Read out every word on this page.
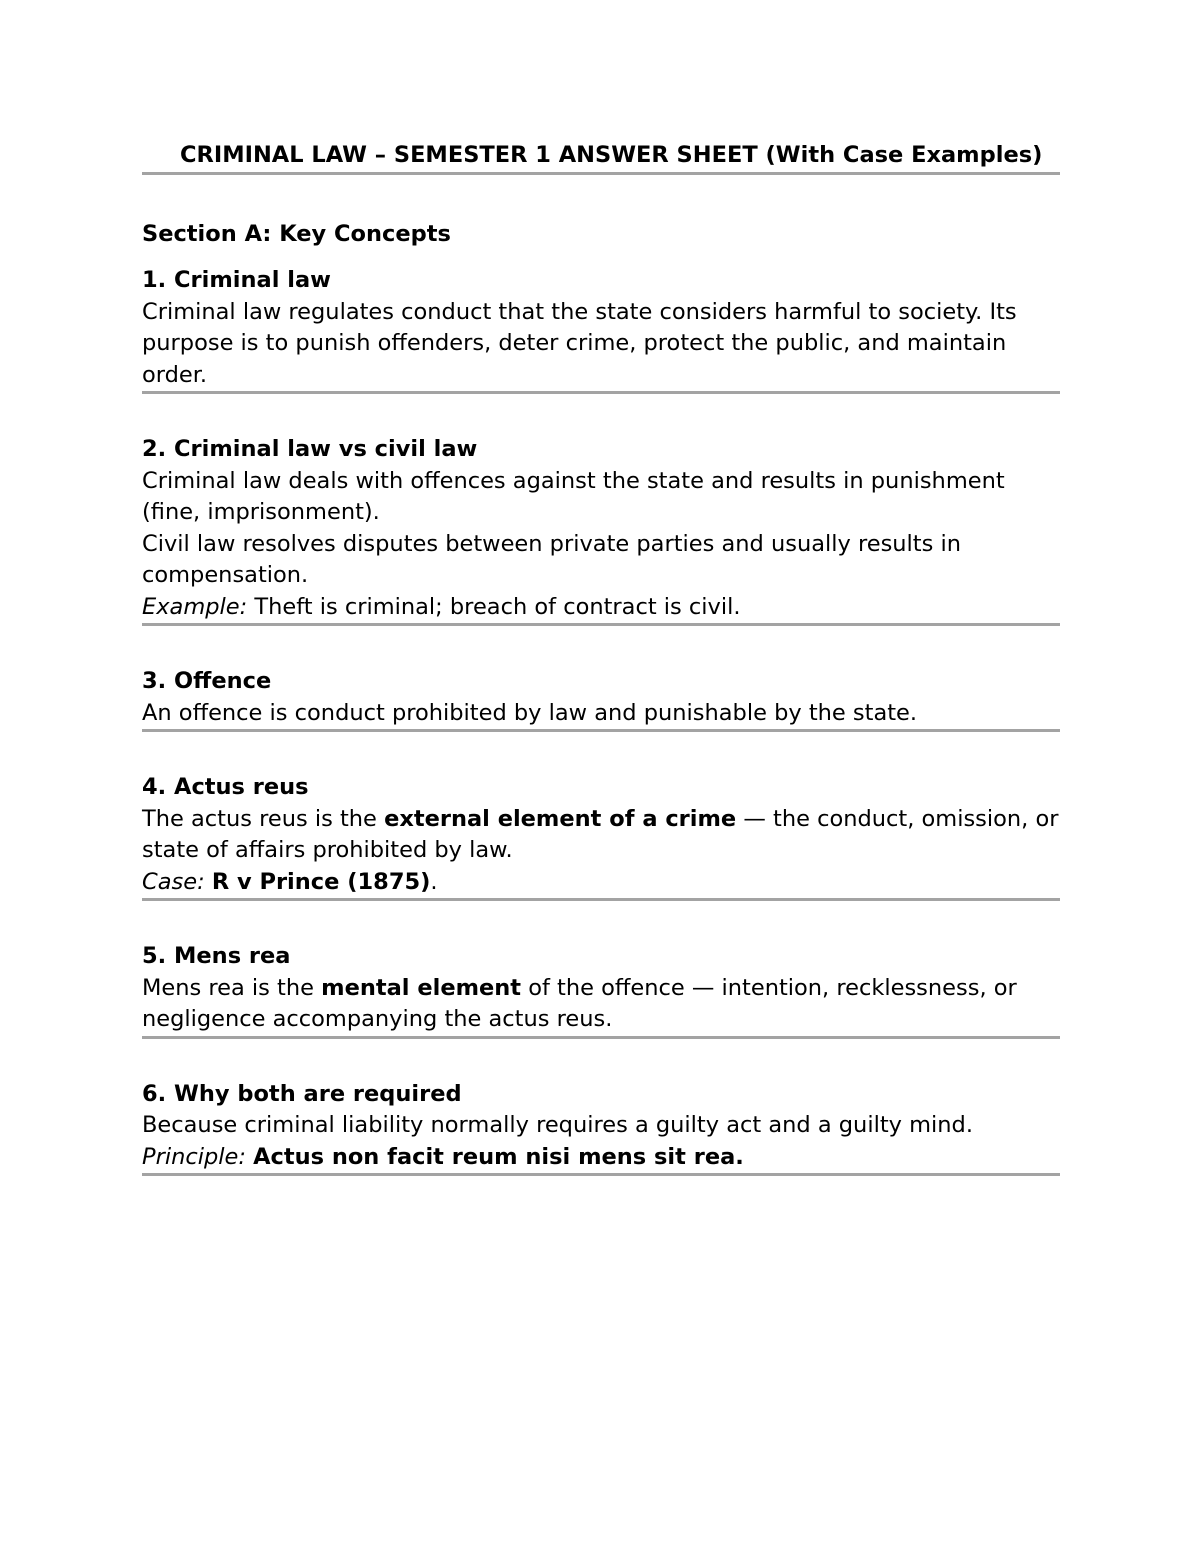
CRIMINAL LAW – SEMESTER 1 ANSWER SHEET (With Case Examples)

Section A: Key Concepts

1. Criminal law

Criminal law regulates conduct that the state considers harmful to society. Its purpose is to punish offenders, deter crime, protect the public, and maintain order.

2. Criminal law vs civil law

Criminal law deals with offences against the state and results in punishment (fine, imprisonment).

Civil law resolves disputes between private parties and usually results in compensation.

Example: Theft is criminal; breach of contract is civil.

3. Offence

An offence is conduct prohibited by law and punishable by the state.

4. Actus reus

The actus reus is the external element of a crime — the conduct, omission, or state of affairs prohibited by law.

Case: R v Prince (1875).

5. Mens rea

Mens rea is the mental element of the offence — intention, recklessness, or negligence accompanying the actus reus.

6. Why both are required

Because criminal liability normally requires a guilty act and a guilty mind.

Principle: Actus non facit reum nisi mens sit rea.
